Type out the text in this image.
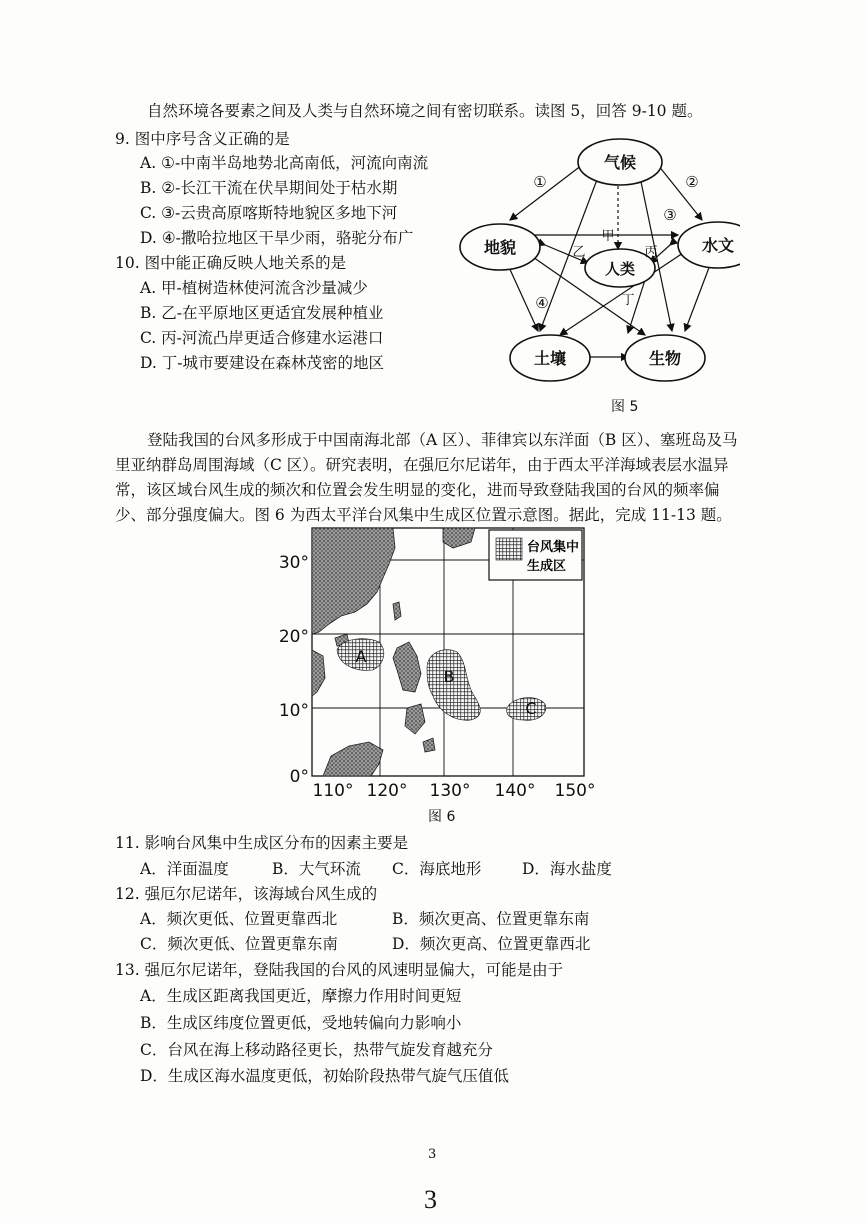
自然环境各要素之间及人类与自然环境之间有密切联系。读图 5，回答 9-10 题。
9. 图中序号含义正确的是
A. ①-中南半岛地势北高南低，河流向南流
B. ②-长江干流在伏旱期间处于枯水期
C. ③-云贵高原喀斯特地貌区多地下河
D. ④-撒哈拉地区干旱少雨，骆驼分布广
10. 图中能正确反映人地关系的是
A. 甲-植树造林使河流含沙量减少
B. 乙-在平原地区更适宜发展种植业
C. 丙-河流凸岸更适合修建水运港口
D. 丁-城市要建设在森林茂密的地区
气候
地貌	水文
人类
土壤	生物
①	②
③
④
甲
乙	丙
丁
图 5
登陆我国的台风多形成于中国南海北部（A 区）、菲律宾以东洋面（B 区）、塞班岛及马
里亚纳群岛周围海域（C 区）。研究表明，在强厄尔尼诺年，由于西太平洋海域表层水温异
常，该区域台风生成的频次和位置会发生明显的变化，进而导致登陆我国的台风的频率偏
少、部分强度偏大。图 6 为西太平洋台风集中生成区位置示意图。据此，完成 11-13 题。
A
B
C
台风集中
生成区
30°
20°
10°
0°
110° 120° 130° 140° 150°
图 6
11. 影响台风集中生成区分布的因素主要是
A．洋面温度	B．大气环流 C．海底地形	D．海水盐度
12. 强厄尔尼诺年，该海域台风生成的
A．频次更低、位置更靠西北	B．频次更高、位置更靠东南
C．频次更低、位置更靠东南	D．频次更高、位置更靠西北
13. 强厄尔尼诺年，登陆我国的台风的风速明显偏大，可能是由于
A．生成区距离我国更近，摩擦力作用时间更短
B．生成区纬度位置更低，受地转偏向力影响小
C．台风在海上移动路径更长，热带气旋发育越充分
D．生成区海水温度更低，初始阶段热带气旋气压值低
3
3
